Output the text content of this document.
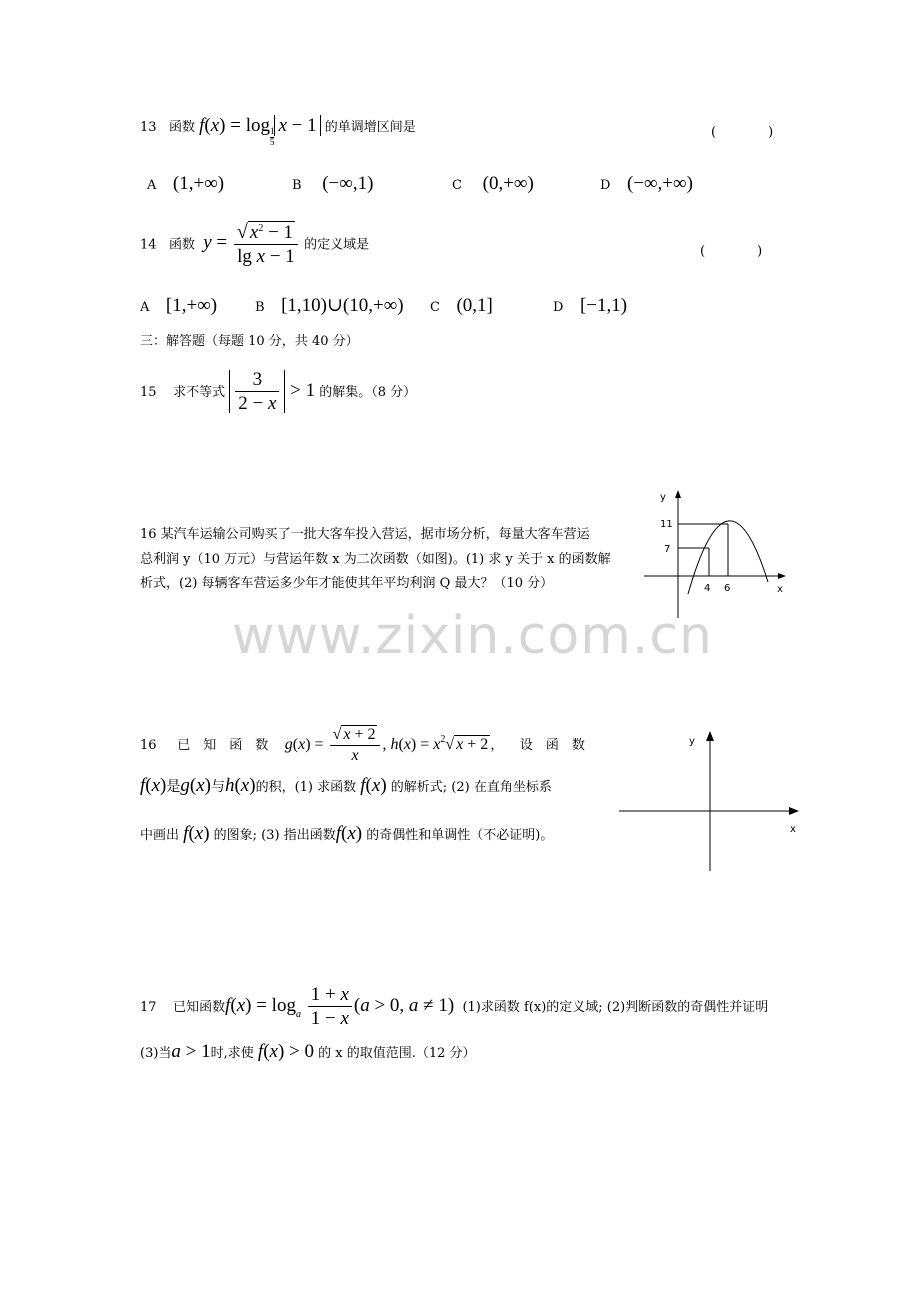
13 函数 f(x) = log
$\frac{1}{5}$
x − 1 的单调增区间是	(　　　　)
A (1,+∞)	B (−∞,1)	C (0,+∞)	D (−∞,+∞)
14 函数 $y = \frac{√ x^2 - 1}{\text{lg x − 1}}$ 的定义域是	(　　　　)
A [1,+∞)	B [1,10)∪(10,+∞) C (0,1]	D [−1,1)
三：解答题（每题 10 分，共 40 分）
15 求不等式 $\frac{3}{2 - x} > 1$ 的解集。（8 分）
16 某汽车运输公司购买了一批大客车投入营运，据市场分析，每量大客车营运
总利润 y（10 万元）与营运年数 x 为二次函数（如图)。(1) 求 y 关于 x 的函数解
析式，(2) 每辆客车营运多少年才能使其年平均利润 Q 最大？（10 分）
y
x
11
7
4 6
www.zixin.com.cn
16 已　知　函　数 $g(x) = \frac{√ x + 2}{x}$ , $h(x) = x^2√$ x + 2 ，    设　函　数
f(x)是g(x)与h(x)的积，(1) 求函数 f(x) 的解析式; (2) 在直角坐标系
中画出 f(x) 的图象; (3) 指出函数f(x) 的奇偶性和单调性（不必证明)。
y
x
17 已知函数$f(x) = \log_a \frac{1 + x}{1 - x} (a > 0$, a ≠ 1) (1)求函数 f(x)的定义域; (2)判断函数的奇偶性并证明
(3)当a > 1时,求使 f(x) > 0 的 x 的取值范围.（12 分）
